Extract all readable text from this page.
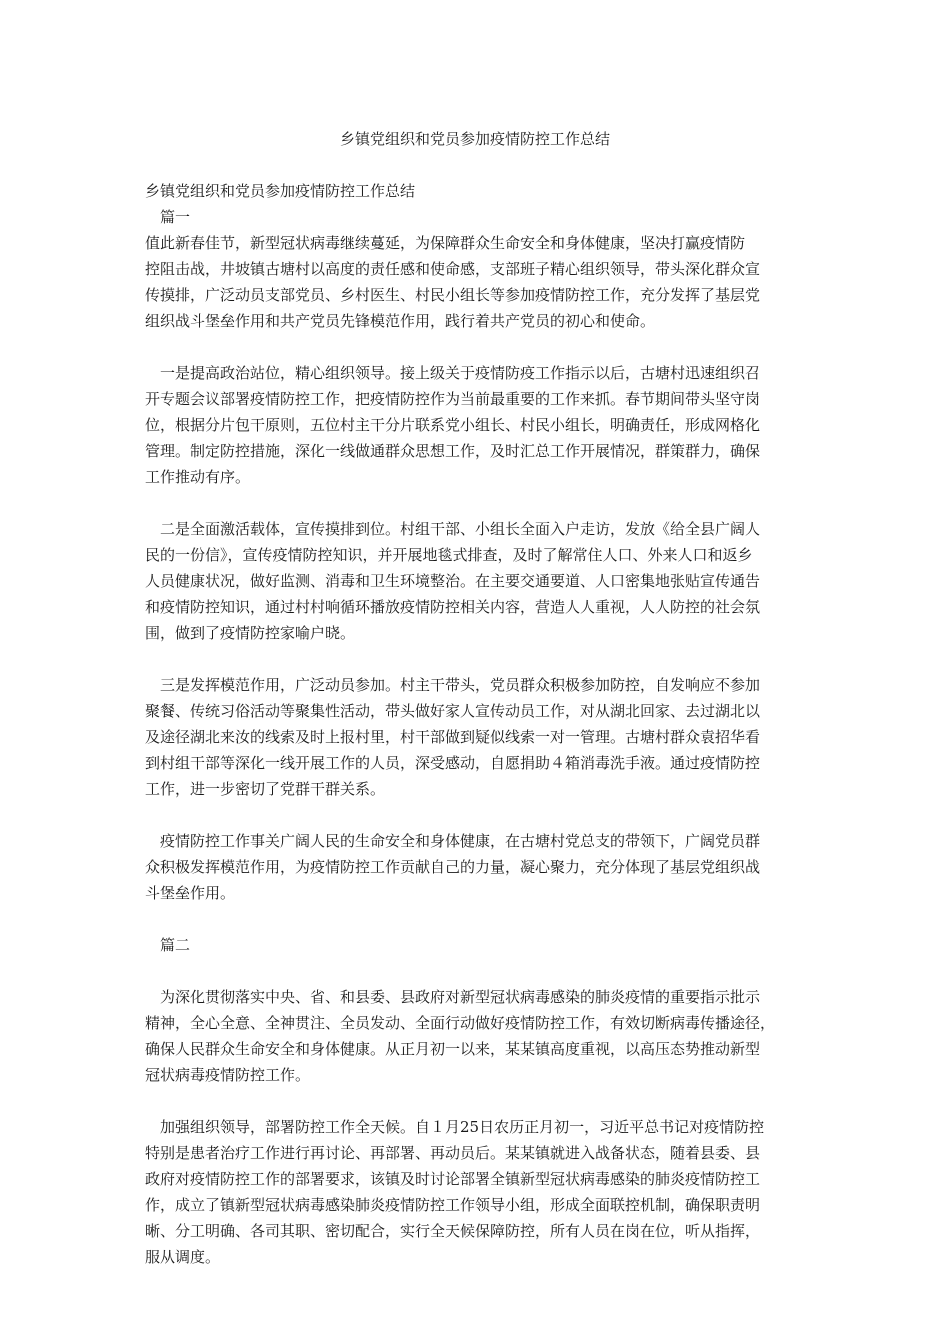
乡镇党组织和党员参加疫情防控工作总结

乡镇党组织和党员参加疫情防控工作总结

篇一

值此新春佳节，新型冠状病毒继续蔓延，为保障群众生命安全和身体健康，坚决打赢疫情防

控阻击战，井坡镇古塘村以高度的责任感和使命感，支部班子精心组织领导，带头深化群众宣

传摸排，广泛动员支部党员、乡村医生、村民小组长等参加疫情防控工作，充分发挥了基层党

组织战斗堡垒作用和共产党员先锋模范作用，践行着共产党员的初心和使命。

一是提高政治站位，精心组织领导。接上级关于疫情防疫工作指示以后，古塘村迅速组织召

开专题会议部署疫情防控工作，把疫情防控作为当前最重要的工作来抓。春节期间带头坚守岗

位，根据分片包干原则，五位村主干分片联系党小组长、村民小组长，明确责任，形成网格化

管理。制定防控措施，深化一线做通群众思想工作，及时汇总工作开展情况，群策群力，确保

工作推动有序。

二是全面激活载体，宣传摸排到位。村组干部、小组长全面入户走访，发放《给全县广阔人

民的一份信》，宣传疫情防控知识，并开展地毯式排查，及时了解常住人口、外来人口和返乡

人员健康状况，做好监测、消毒和卫生环境整治。在主要交通要道、人口密集地张贴宣传通告

和疫情防控知识，通过村村响循环播放疫情防控相关内容，营造人人重视，人人防控的社会氛

围，做到了疫情防控家喻户晓。

三是发挥模范作用，广泛动员参加。村主干带头，党员群众积极参加防控，自发响应不参加

聚餐、传统习俗活动等聚集性活动，带头做好家人宣传动员工作，对从湖北回家、去过湖北以

及途径湖北来汝的线索及时上报村里，村干部做到疑似线索一对一管理。古塘村群众袁招华看

到村组干部等深化一线开展工作的人员，深受感动，自愿捐助４箱消毒洗手液。通过疫情防控

工作，进一步密切了党群干群关系。

疫情防控工作事关广阔人民的生命安全和身体健康，在古塘村党总支的带领下，广阔党员群

众积极发挥模范作用，为疫情防控工作贡献自己的力量，凝心聚力，充分体现了基层党组织战

斗堡垒作用。

篇二

为深化贯彻落实中央、省、和县委、县政府对新型冠状病毒感染的肺炎疫情的重要指示批示

精神，全心全意、全神贯注、全员发动、全面行动做好疫情防控工作，有效切断病毒传播途径，

确保人民群众生命安全和身体健康。从正月初一以来，某某镇高度重视，以高压态势推动新型

冠状病毒疫情防控工作。

加强组织领导，部署防控工作全天候。自１月25日农历正月初一，习近平总书记对疫情防控

特别是患者治疗工作进行再讨论、再部署、再动员后。某某镇就进入战备状态，随着县委、县

政府对疫情防控工作的部署要求，该镇及时讨论部署全镇新型冠状病毒感染的肺炎疫情防控工

作，成立了镇新型冠状病毒感染肺炎疫情防控工作领导小组，形成全面联控机制，确保职责明

晰、分工明确、各司其职、密切配合，实行全天候保障防控，所有人员在岗在位，听从指挥，

服从调度。
